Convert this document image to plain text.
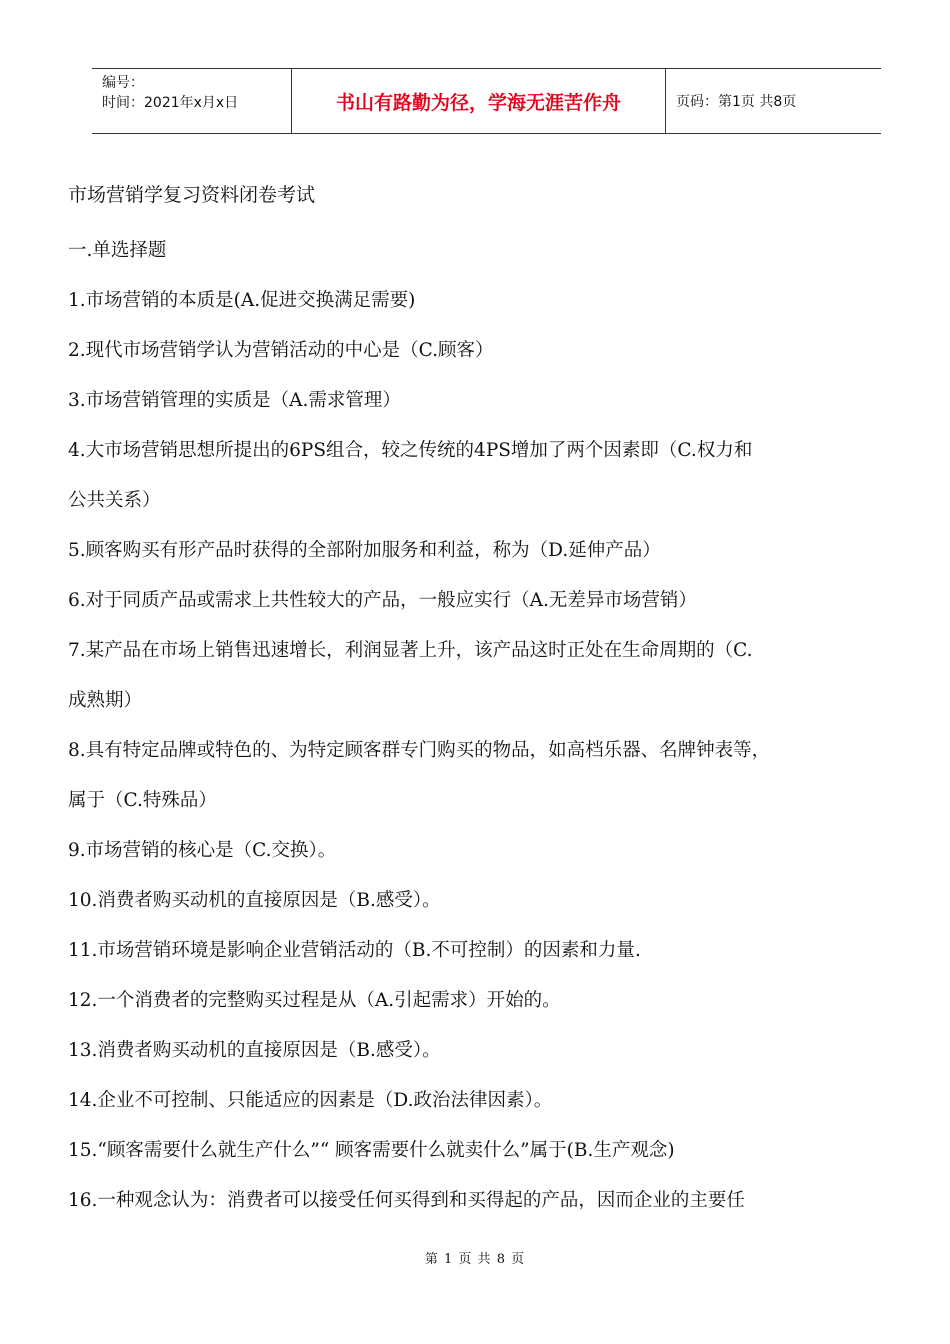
编号：
时间：2021年x月x日	书山有路勤为径，学海无涯苦作舟	页码：第1页 共8页
市场营销学复习资料闭卷考试
一.单选择题
1.市场营销的本质是(A.促进交换满足需要)
2.现代市场营销学认为营销活动的中心是（C.顾客）
3.市场营销管理的实质是（A.需求管理）
4.大市场营销思想所提出的6PS组合，较之传统的4PS增加了两个因素即（C.权力和
公共关系）
5.顾客购买有形产品时获得的全部附加服务和利益，称为（D.延伸产品）
6.对于同质产品或需求上共性较大的产品，一般应实行（A.无差异市场营销）
7.某产品在市场上销售迅速增长，利润显著上升，该产品这时正处在生命周期的（C.
成熟期）
8.具有特定品牌或特色的、为特定顾客群专门购买的物品，如高档乐器、名牌钟表等，
属于（C.特殊品）
9.市场营销的核心是（C.交换）。
10.消费者购买动机的直接原因是（B.感受）。
11.市场营销环境是影响企业营销活动的（B.不可控制）的因素和力量.
12.一个消费者的完整购买过程是从（A.引起需求）开始的。
13.消费者购买动机的直接原因是（B.感受）。
14.企业不可控制、只能适应的因素是（D.政治法律因素）。
15.“顾客需要什么就生产什么”“ 顾客需要什么就卖什么”属于(B.生产观念)
16.一种观念认为：消费者可以接受任何买得到和买得起的产品，因而企业的主要任
第 1 页 共 8 页
